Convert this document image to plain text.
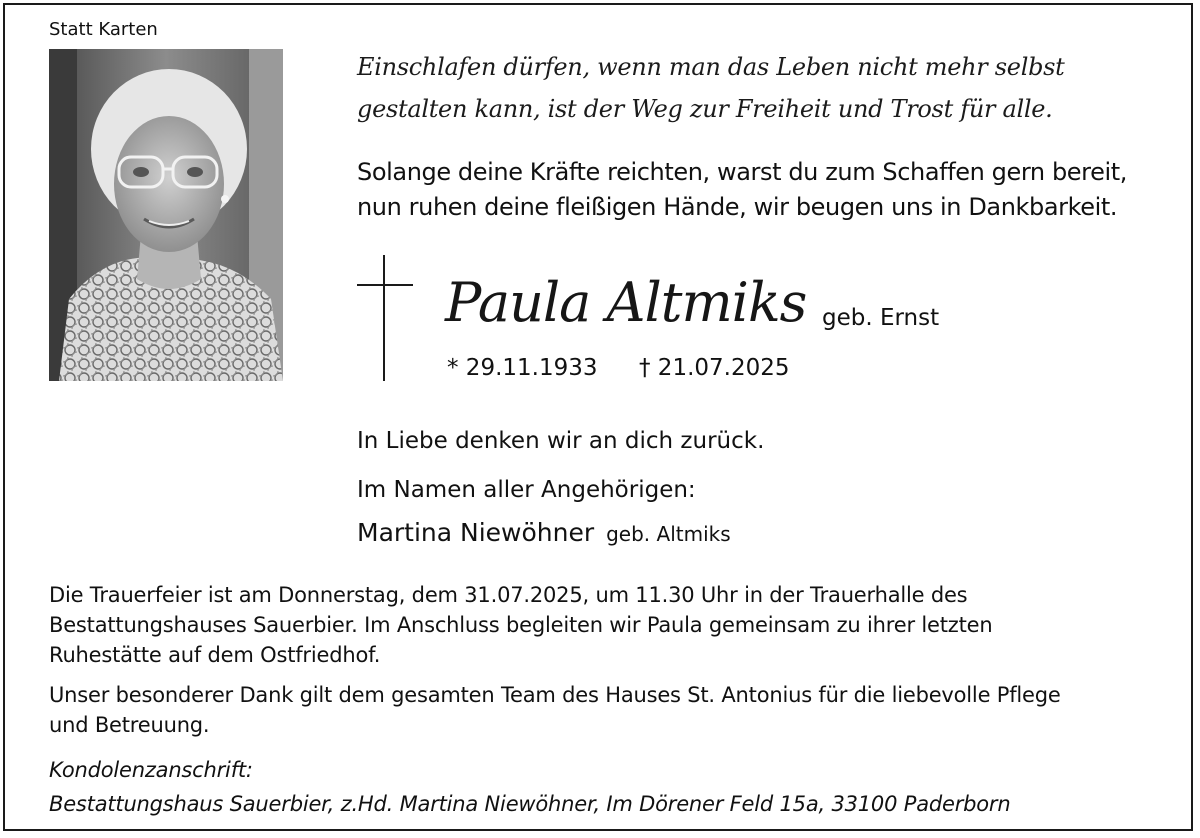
Statt Karten
Einschlafen dürfen, wenn man das Leben nicht mehr selbst
gestalten kann, ist der Weg zur Freiheit und Trost für alle.
Solange deine Kräfte reichten, warst du zum Schaffen gern bereit,
nun ruhen deine fleißigen Hände, wir beugen uns in Dankbarkeit.
Paula Altmiks geb. Ernst
* 29.11.1933 † 21.07.2025
In Liebe denken wir an dich zurück.
Im Namen aller Angehörigen:
Martina Niewöhner geb. Altmiks
Die Trauerfeier ist am Donnerstag, dem 31.07.2025, um 11.30 Uhr in der Trauerhalle des
Bestattungshauses Sauerbier. Im Anschluss begleiten wir Paula gemeinsam zu ihrer letzten
Ruhestätte auf dem Ostfriedhof.
Unser besonderer Dank gilt dem gesamten Team des Hauses St. Antonius für die liebevolle Pflege
und Betreuung.
Kondolenzanschrift:
Bestattungshaus Sauerbier, z.Hd. Martina Niewöhner, Im Dörener Feld 15a, 33100 Paderborn
